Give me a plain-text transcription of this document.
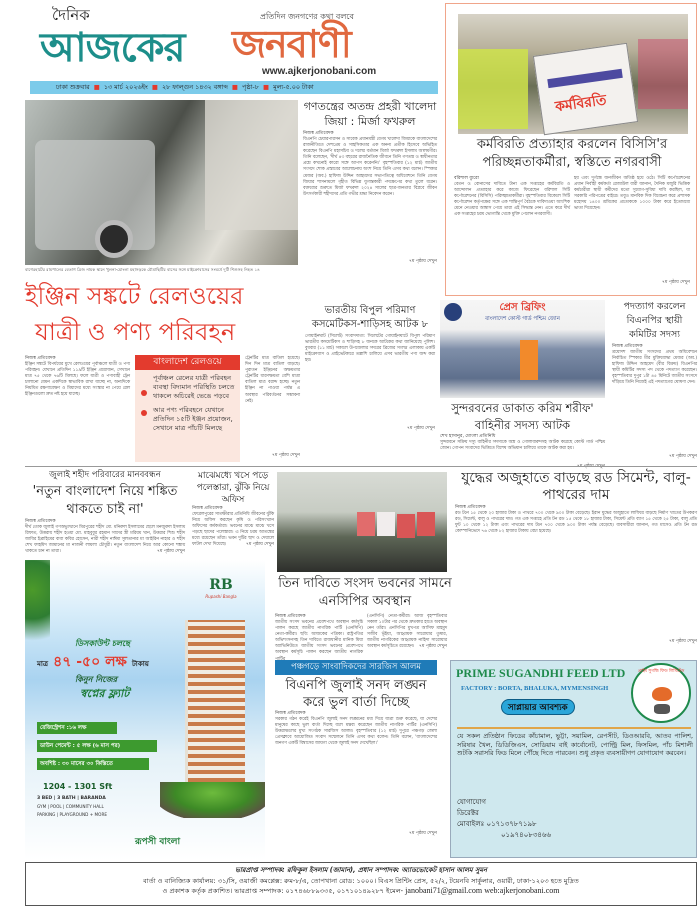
দৈনিক
আজকের
প্রতিদিন জনগণের কথা বলবে
জনবাণী
www.ajkerjonobani.com
ঢাকা শুক্রবার  ■  ১৩ মার্চ ২০২৬ইং  ■  ২৮ ফাল্গুন ১৪৩২ বঙ্গাব্দ  ■  পৃষ্ঠা-৮  ■  মূল্য-৫.০০ টাকা
বাগেরহাটের রামপালের বেতাগ ব্রিজ নামক স্থানে খুলনা-মোংলা মহাসড়কে মৌমাছিটির বাসের সঙ্গে মাইক্রোবাসের সংঘর্ষে দুটি শিশুসহ নিহত ১৪
গণতন্ত্রের অতন্দ্র প্রহরী খালেদা জিয়া : মির্জা ফখরুল
নিজস্ব প্রতিবেদক
বিএনপি চেয়ারপারসন ও সাবেক প্রধানমন্ত্রী বেগম খালেদা জিয়াকে বাংলাদেশের রাজনীতিতে দেশপ্রেম ও সাহসিকতার এক অনন্য প্রতীক হিসেবে অভিহিত করেছেন বিএনপি মহাসচিব ও দলের বর্তমান মির্জা ফখরুল ইসলাম আলমগীর। তিনি বলেছেন, 'দীর্ঘ ৪৩ বছরের রাজনৈতিক জীবনে তিনি গণতন্ত্র ও স্বাধীনতার প্রশ্নে কখনোই কারো সঙ্গে আপস করেননি।' বৃহস্পতিবার (১২ মার্চ) জাতীয় সংসদে শোক প্রস্তাবের আলোচনায় অংশ নিয়ে তিনি এসব কথা বলেন। স্পিকার মেজর (অব.) হাফিজ উদ্দিন আহমদের সভাপতিত্বে অধিবেশনে তিনি বেগম জিয়ার শাসনামলে গৃহীত বিভিন্ন যুগান্তকারী পদক্ষেপের কথা তুলে ধরেন। বক্তব্যের শুরুতে মির্জা ফখরুল ২০২৪ সালের ছাত্র-জনতার বিপ্লবে জীবন উৎসর্গকারী শহীদদের প্রতি গভীর শ্রদ্ধা নিবেদন করেন।
৭ম পৃষ্ঠায় দেখুন
কর্মবিরতি
কর্মবিরতি প্রত্যাহার করলেন বিসিসি'র পরিচ্ছন্নতাকর্মীরা, স্বস্তিতে নগরবাসী
বরিশাল ব্যুরো
বেতন ও বোনাসের দাবিতে টানা এক সপ্তাহের কর্মবিরতি ও আন্দোলন প্রত্যাহার করে কাজে ফিরেছেন বরিশাল সিটি কর্পোরেশনের (বিসিসি) পরিচ্ছন্নতাকর্মীরা। বৃহস্পতিবার বিকেলে সিটি কর্পোরেশন কর্তৃপক্ষের সঙ্গে এক শান্তিপূর্ণ বৈঠকে দাবিদাওয়া আংশিক মেনে নেওয়ার আশ্বাস পেয়ে তারা এই সিদ্ধান্ত নেন। এতে করে দীর্ঘ এক সপ্তাহের চরম ভোগান্তি থেকে মুক্তি পেলেন নগরবাসী।
হয় এবং দুর্গন্ধে জনজীবন অতিষ্ঠ হয়ে ওঠে। সিটি কর্পোরেশনের প্রধান নির্বাহী কর্মকর্তা রেজাউল বারী জানান, দৈনিক মজুরি ভিত্তিক কর্মচারীরা স্থায়ী কর্মীদের মতো সুযোগ-সুবিধা দাবি করছিল, যা সরকারি পরিপত্রের বাইরে। তবুও মানবিক দিক বিবেচনা করে প্রশাসক মহোদয় ১৪০০ শ্রমিকের প্রত্যেককে ১০০০ টাকা করে ইতোমধ্যে ভাতা দিয়েছেন।
৭ম পৃষ্ঠায় দেখুন
ইঞ্জিন সঙ্কটে রেলওয়ের
যাত্রী ও পণ্য পরিবহন
নিজস্ব প্রতিবেদক
ইঞ্জিন সঙ্কটে বিপর্যয়ের মুখে রেলওয়ের পূর্বাঞ্চলে যাত্রী ও পণ্য পরিবহন। যেখানে প্রতিদিন ১১৯টি ইঞ্জিন প্রয়োজন, সেখানে মাত্র ৭৫ থেকে ৭৬টি মিলছে। ফলে যাত্রী ও পণ্যবাহী ট্রেন চালানো যেমন একদিকে স্বাভাবিক রাখা যাচ্ছে না, অন্যদিকে নিয়মিত রক্ষণাবেক্ষণ ও মিয়াদের মধ্যে সংস্কার না পেয়ে রেল ইঞ্জিনগুলো দ্রুত নষ্ট হয়ে যাচ্ছে।
বাংলাদেশ রেলওয়ে
পূর্বাঞ্চল রেলের যাত্রী পরিবহন ব্যবস্থা বিদ্যমান পরিস্থিতি চলতে থাকলে অচিরেই ভেঙে পড়বে
আর পণ্য পরিবহনে যেখানে প্রতিদিন ১৫টি ইঞ্জন প্রয়োজন, সেখানে মাত্র পাঁচটি মিলছে
ট্রেনটির মাত্র বাতিল হয়েছে। দিন দিন মাত্র বাতিল বাড়ছে। পুরাতন ইঞ্জিনের অক্ষমতার ট্রেনটির ধারণক্ষমতা বেশি মাত্রা বাতিল মাত্র বরাদ্দ হচ্ছে। নতুন ইঞ্জিন না পাওয়া পর্যন্ত এ অবস্থার পরিবর্তনের সম্ভাবনা নেই।
৭ম পৃষ্ঠায় দেখুন
ভারতীয় বিপুল পরিমাণ কসমেটিকস-শাড়িসহ আটক ৮
গোয়াইনঘাট (সিলেট) সংবাদদাতা: সিলেটের গোয়াইনঘাটে বিপুল পরিমাণ ভারতীয় কসমেটিকস ও শাড়িসহ ৮ জনকে আটকের কথা জানিয়েছে পুলিশ। বুধবার (১১ মার্চ) সকালে উপজেলার সদরের ব্রিজের সংলগ্ন এলাকায় একটি মাইক্রোবাস ও প্রাইভেটকারে তল্লাশি চালিয়ে এসব ভারতীয় পণ্য জব্দ করা হয়।
৭ম পৃষ্ঠায় দেখুন
প্রেস ব্রিফিং
বাংলাদেশ কোস্ট গার্ড পশ্চিম জোন
সুন্দরবনের ডাকাত করিম শরীফ' বাহিনীর সদস্য আটক
শেখ হাসানুর, মোংলা প্রতিনিধি
সুন্দরবনে সক্রিয় দস্যু বাহিনীর সদস্যকে অস্ত্র ও গোলাবারুদসহ আটক করেছে কোস্ট গার্ড পশ্চিম জোন। গোপন সংবাদের ভিত্তিতে বিশেষ অভিযান চালিয়ে তাকে আটক করা হয়।
পদত্যাগ করলেন বিএনপির স্থায়ী কমিটির সদস্য
নিজস্ব প্রতিবেদক
ত্রয়োদশ জাতীয় সংসদের প্রথম অধিবেশনে নির্বাচিত স্পিকার মীর মুক্তিযোদ্ধা মেজর (অব.) হাফিজ উদ্দিন আহমেদ (বীর বিক্রম) বিএনপির স্থায়ী কমিটির সদস্য পদ থেকে পদত্যাগ করেছেন। বৃহস্পতিবার দুপুর ১টা ৪৫ মিনিটে জাতীয় সংসদে দাঁড়িয়ে তিনি নিজেই এই পদত্যাগের ঘোষণা দেন।
৭ম পৃষ্ঠায় দেখুন
জুলাই শহীদ পরিবারের মানববন্ধন
'নতুন বাংলাদেশ নিয়ে শঙ্কিত থাকতে চাই না'
নিজস্ব প্রতিবেদক
দীর্ঘ তোক জুলাই গণঅভ্যুত্থানে মিরপুরের শহীদ মো. মনিরুল ইসলামের ছেলে মনজুরুল ইসলাম রিফাত, উত্তরায় শহীদ হওয়া মো. মাহবুবুর রহমান সাদের স্ত্রী মরিয়ম খান, উত্তরার শিশু শহীদ জাবির ইব্রাহিমের বাবা কবির হোসেন, নারী শহীদ নাঈমা সুলতানার মা আইরিন নাহার ও শহীদ শেখ ফাহমিদ জামানের মা নাজনী লায়লা চৌধুরী। নতুন বাংলাদেশ নিয়ে আর কোনো শঙ্কায় থাকতে চান না তারা।	৭ম পৃষ্ঠায় দেখুন
মাঝেমধ্যে খসে পড়ে পলেস্তারা, ঝুঁকি নিয়ে অফিস
নিজস্ব প্রতিবেদক
ফেরেলপুরের সাতক্ষীরার প্রতিনিধি জীবনের ঝুঁকি নিয়ে অফিস করছেন কৃষি ও পরিসংখ্যান অফিসের কর্মকর্তারা। ভবনের মাঝে মাঝে খসে পড়ছে ছাদের পলেস্তারা। এ নিয়ে চরম আতঙ্কের মধ্যে রয়েছেন তাঁরা। ভবন দুটির ছাদ ও দেয়ালে ফাটল দেখা দিয়েছে।	৭ম পৃষ্ঠায় দেখুন
যুদ্ধের অজুহাতে বাড়ছে রড সিমেন্ট, বালু-পাথরের দাম
নিজস্ব প্রতিবেদক
রড টনে ১৫ থেকে ২০ হাজার টাকা ও পাথরে ৭০০ থেকে ৯০০ টাকা বেড়েছে। ইরান যুদ্ধের অজুহাতে লাফিয়ে বাড়ছে নির্মাণ খাতের উপকরণ রড, সিমেন্ট, বালু ও পাথরের দাম। গত এক সপ্তাহে প্রতি টন রড ১৫ থেকে ১৮ হাজার টাকা, সিমেন্ট প্রতি ব্যাগ ১৫ থেকে ২৫ টাকা, বালু প্রতি ফুট ১০ থেকে ১২ টাকা এবং পাথরের দাম টনে ৭০০ থেকে ৯০০ টাকা পর্যন্ত বেড়েছে। ব্যবসায়ীরা জানান, গত মাসেও প্রতি টন রড কোম্পানিভেদে ৭৬ থেকে ৮২ হাজার টাকায় বেচা হয়েছে।
৭ম পৃষ্ঠায় দেখুন
তিন দাবিতে সংসদ ভবনের সামনে এনসিপির অবস্থান
নিজস্ব প্রতিবেদক
জাতীয় সংসদ ভবনের প্রবেশপথে অবস্থান কর্মসূচি পালন করছে জাতীয় নাগরিক পার্টি (এনসিপি) নেতা-কর্মীরা। ছবি: আজকের পত্রিকা। রাষ্ট্রপতির অভিশংসনসহ তিন দাবিতে রাজধানীর মানিক মিয়া অ্যাভিনিউতে জাতীয় সংসদ ভবনের প্রবেশপথে অবস্থান কর্মসূচি পালন করছেন জাতীয় নাগরিক
(এনসিপি) নেতা-কর্মীরা। আজ বৃহস্পতিবার সকাল ১০টার পর থেকে দ্রুতকার হাতে অবস্থান নেন তাঁরা। এনসিপির মুখপত্র আসিফ মাহমুদ সজীব ভূঁইয়া, আহ্বায়ক সারোয়ার তুষার, জাতীয় নাগরিকের আহ্বায়ক নাহিদা সারোয়ার অবস্থান কর্মসূচিতে রয়েছেন।	৭ম পৃষ্ঠায় দেখুন
RB
Rupashi Bangla
ডিসকাউন্ট চলছে
মাত্র ৪৭ -৫০ লক্ষ টাকায়
কিনুন নিজের
স্বপ্নের ফ্ল্যাট
রেজিস্ট্রেশন :১৬ লক্ষ
ডাউন পেমেন্ট : ৫ লক্ষ (৬ মাস পর)
অবশিষ্ট : ৩০ মাসের ৩০ কিস্তিতে
1204 - 1301 Sft
3 BED | 3 BATH | BARANDA
GYM | POOL | COMMUNITY HALL
PARKING | PLAYGROUND + MORE
রূপসী বাংলা
পঞ্চগড়ে সাংবাদিকদের সারজিস আলম
বিএনপি জুলাই সনদ লঙ্ঘন করে ভুল বার্তা দিচ্ছে
নিজস্ব প্রতিবেদক
সরকার গঠন করেই বিএনপি জুলাই সনদ লঙ্ঘনের মধ্য দিয়ে যাত্রা শুরু করেছে, যা দেশের মানুষের কাছে ভুল বার্তা দিচ্ছে বলে মন্তব্য করেছেন জাতীয় নাগরিক পার্টির (এনসিপি) উত্তরাঞ্চলের মুখ্য সংগঠক সারজিস আলম। বৃহস্পতিবার (১২ মার্চ) দুপুরে পঞ্চগড় জেলা প্রেসক্লাবে আয়োজিত সংবাদ সম্মেলনে তিনি এসব কথা বলেন। তিনি বলেন, 'বাংলাদেশের জনগণ একটি বিশ্বাসের জায়গা থেকে জুলাই সনদ দেখেছিল।'
৭ম পৃষ্ঠায় দেখুন
প্রাইম সুগন্ধি ফিড লিমিটেড
PRIME SUGANDHI FEED LTD
FACTORY : BORTA, BHALUKA, MYMENSINGH
সাপ্লায়ার আবশ্যক
যে সকল প্রতিষ্ঠান ফিডের কাঁচামাল, ভুট্টা, সয়ামিল, রেপসীট, ডিওআরবি, আতব পালিশ, সরিষার খৈল, ডিডিজিএস, সোডিয়াম বাই কার্বোনেট, পোল্ট্রি মিল, ফিসমিল, পাঁচ মিশালী শুটকি সরাসরি ফিড মিলে পৌঁছে দিতে পারবেন। শুধু প্রকৃত ব্যবসায়ীগণ যোগাযোগ করবেন।
যোগাযোগ
ডিরেক্টর
মোবাইলঃ ০১৭১৩৭৮৭১৯৮
০১৯৭৪০৮৩৪৬৬
ভারপ্রাপ্ত সম্পাদক: রফিকুল ইসলাম (জামান), প্রধান সম্পাদক: অ্যাডভোকেট হাসান আলম সুমন
বার্তা ও বানিজ্যিক কার্যালয়: ৩১/সি, ওয়াজী কমপ্লেক্স: রুম-৮/এ, তোপখানা রোড: ১০০০। বিএস প্রিন্টিং প্রেস, ৫২/২, টয়েনবি সার্কুলার, ওয়ারী, ঢাকা-১২০৩ হতে মুদ্রিত
ও প্রকাশক কর্তৃক প্রকাশিত। ভারপ্রাপ্ত সম্পাদক: ০১৭৪৬৮৮৯৩৩৫, ০১৭১০১৪৯২৮৭ ইমেল- janobani71@gmail.com web:ajkerjonobani.com
